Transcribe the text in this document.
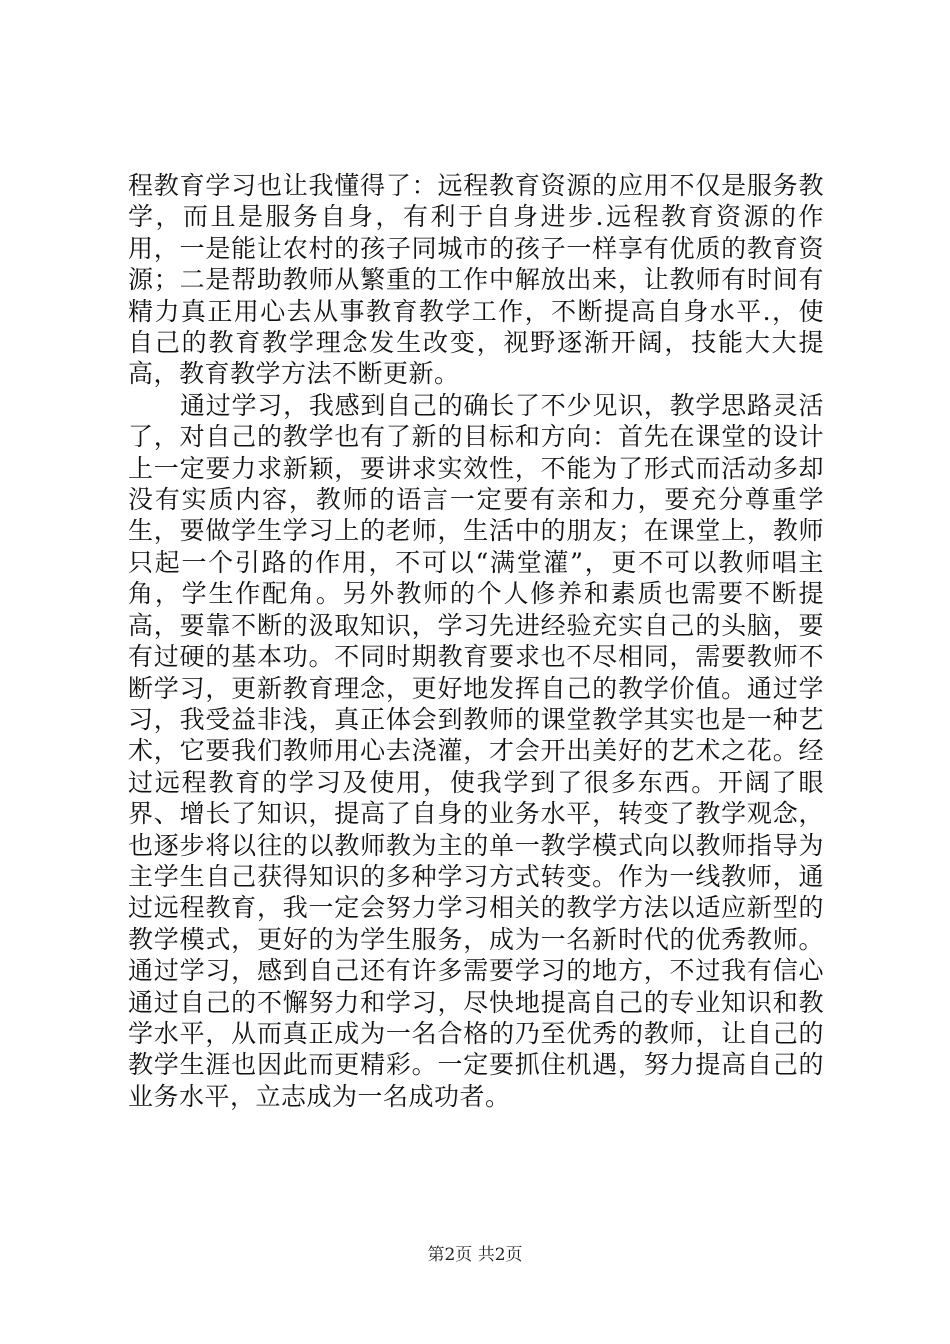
程教育学习也让我懂得了：远程教育资源的应用不仅是服务教学，而且是服务自身，有利于自身进步.远程教育资源的作用，一是能让农村的孩子同城市的孩子一样享有优质的教育资源；二是帮助教师从繁重的工作中解放出来，让教师有时间有精力真正用心去从事教育教学工作，不断提高自身水平.，使自己的教育教学理念发生改变，视野逐渐开阔，技能大大提高，教育教学方法不断更新。

通过学习，我感到自己的确长了不少见识，教学思路灵活了，对自己的教学也有了新的目标和方向：首先在课堂的设计上一定要力求新颖，要讲求实效性，不能为了形式而活动多却没有实质内容，教师的语言一定要有亲和力，要充分尊重学生，要做学生学习上的老师，生活中的朋友；在课堂上，教师只起一个引路的作用，不可以“满堂灌”，更不可以教师唱主角，学生作配角。另外教师的个人修养和素质也需要不断提高，要靠不断的汲取知识，学习先进经验充实自己的头脑，要有过硬的基本功。不同时期教育要求也不尽相同，需要教师不断学习，更新教育理念，更好地发挥自己的教学价值。通过学习，我受益非浅，真正体会到教师的课堂教学其实也是一种艺术，它要我们教师用心去浇灌，才会开出美好的艺术之花。经过远程教育的学习及使用，使我学到了很多东西。开阔了眼界、增长了知识，提高了自身的业务水平，转变了教学观念，也逐步将以往的以教师教为主的单一教学模式向以教师指导为主学生自己获得知识的多种学习方式转变。作为一线教师，通过远程教育，我一定会努力学习相关的教学方法以适应新型的教学模式，更好的为学生服务，成为一名新时代的优秀教师。通过学习，感到自己还有许多需要学习的地方，不过我有信心通过自己的不懈努力和学习，尽快地提高自己的专业知识和教学水平，从而真正成为一名合格的乃至优秀的教师，让自己的教学生涯也因此而更精彩。一定要抓住机遇，努力提高自己的业务水平，立志成为一名成功者。

第2页 共2页
